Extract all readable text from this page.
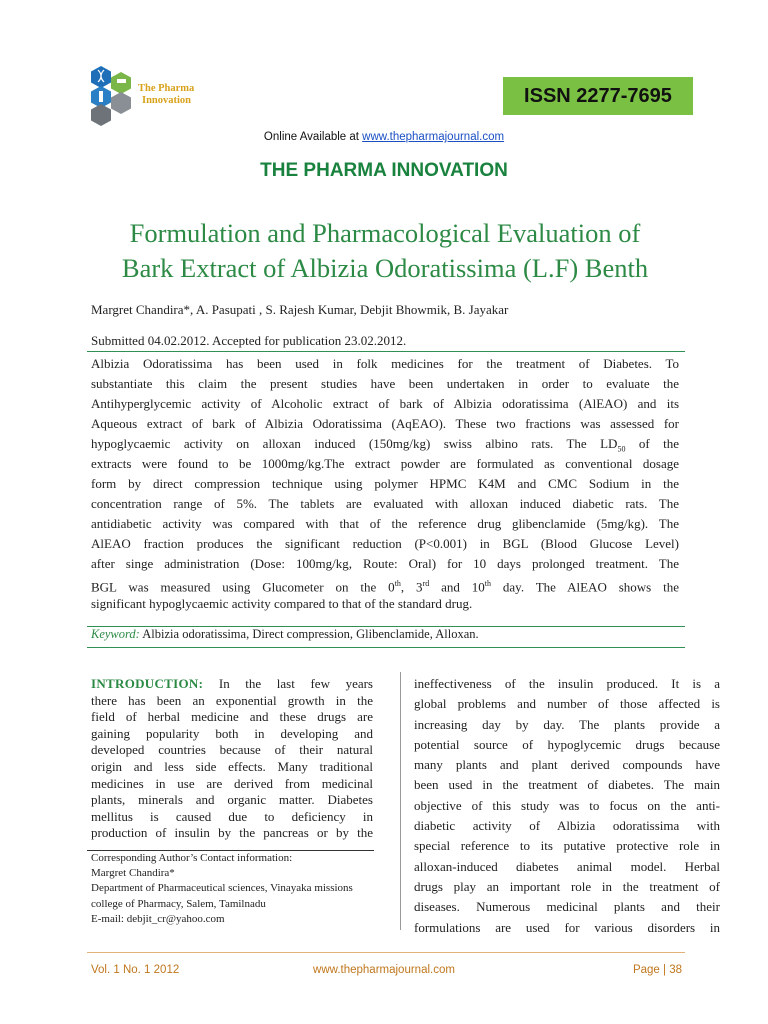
The Pharma
Innovation	ISSN 2277-7695
Online Available at www.thepharmajournal.com
THE PHARMA INNOVATION
Formulation and Pharmacological Evaluation of
Bark Extract of Albizia Odoratissima (L.F) Benth
Margret Chandira*, A. Pasupati , S. Rajesh Kumar, Debjit Bhowmik, B. Jayakar
Submitted 04.02.2012. Accepted for publication 23.02.2012.
Albizia Odoratissima has been used in folk medicines for the treatment of Diabetes. To
substantiate this claim the present studies have been undertaken in order to evaluate the
Antihyperglycemic activity of Alcoholic extract of bark of Albizia odoratissima (AlEAO) and its
Aqueous extract of bark of Albizia Odoratissima (AqEAO). These two fractions was assessed for
hypoglycaemic activity on alloxan induced (150mg/kg) swiss albino rats. The $LD_{50}$ of the
extracts were found to be 1000mg/kg.The extract powder are formulated as conventional dosage
form by direct compression technique using polymer HPMC K4M and CMC Sodium in the
concentration range of 5%. The tablets are evaluated with alloxan induced diabetic rats. The
antidiabetic activity was compared with that of the reference drug glibenclamide (5mg/kg). The
AlEAO fraction produces the significant reduction (P<0.001) in BGL (Blood Glucose Level)
after singe administration (Dose: 100mg/kg, Route: Oral) for 10 days prolonged treatment. The
BGL was measured using Glucometer on the 0th, 3rd and 10th day. The AlEAO shows the
significant hypoglycaemic activity compared to that of the standard drug.
Keyword: Albizia odoratissima, Direct compression, Glibenclamide, Alloxan.
INTRODUCTION: In the last few years
there has been an exponential growth in the
field of herbal medicine and these drugs are
gaining popularity both in developing and
developed countries because of their natural
origin and less side effects. Many traditional
medicines in use are derived from medicinal
plants, minerals and organic matter. Diabetes
mellitus is caused due to deficiency in
production of insulin by the pancreas or by the
Corresponding Author’s Contact information:
Margret Chandira*
Department of Pharmaceutical sciences, Vinayaka missions
college of Pharmacy, Salem, Tamilnadu
E-mail: debjit_cr@yahoo.com
ineffectiveness of the insulin produced. It is a
global problems and number of those affected is
increasing day by day. The plants provide a
potential source of hypoglycemic drugs because
many plants and plant derived compounds have
been used in the treatment of diabetes. The main
objective of this study was to focus on the anti-
diabetic activity of Albizia odoratissima with
special reference to its putative protective role in
alloxan-induced diabetes animal model. Herbal
drugs play an important role in the treatment of
diseases. Numerous medicinal plants and their
formulations are used for various disorders in
Vol. 1 No. 1 2012	www.thepharmajournal.com	Page | 38
